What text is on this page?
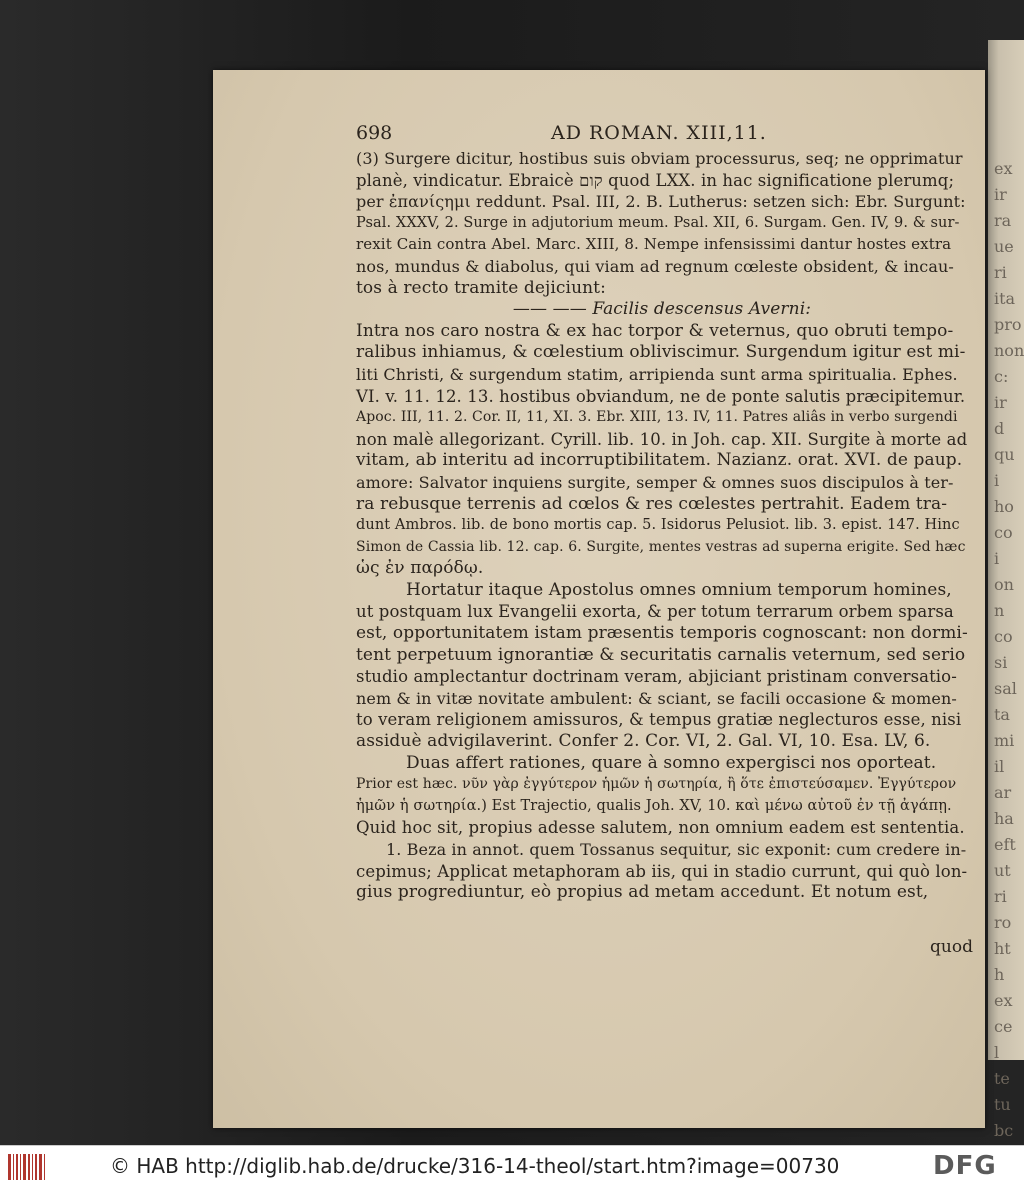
ex
ir
ra
ue
ri
ita
pro
non
c:
ir
d
qu
i
ho
co
i
on
n
co
si
sal
ta
mi
il
ar
ha
eft
ut
ri
ro
ht
h
ex
ce
l
te
tu
bc
698	AD ROMAN. XIII,11.
(3) Surgere dicitur, hostibus suis obviam processurus, seq; ne opprimatur
planè, vindicatur. Ebraicè קום quod LXX. in hac significatione plerumq;
per ἐπανίςημι reddunt. Psal. III, 2. B. Lutherus: setzen sich: Ebr. Surgunt:
Psal. XXXV, 2. Surge in adjutorium meum. Psal. XII, 6. Surgam. Gen. IV, 9. & sur-
rexit Cain contra Abel. Marc. XIII, 8. Nempe infensissimi dantur hostes extra
nos, mundus & diabolus, qui viam ad regnum cœleste obsident, & incau-
tos à recto tramite dejiciunt:
—— —— Facilis descensus Averni:
Intra nos caro nostra & ex hac torpor & veternus, quo obruti tempo-
ralibus inhiamus, & cœlestium obliviscimur. Surgendum igitur est mi-
liti Christi, & surgendum statim, arripienda sunt arma spiritualia. Ephes.
VI. v. 11. 12. 13. hostibus obviandum, ne de ponte salutis præcipitemur.
Apoc. III, 11. 2. Cor. II, 11, XI. 3. Ebr. XIII, 13. IV, 11. Patres aliâs in verbo surgendi
non malè allegorizant. Cyrill. lib. 10. in Joh. cap. XII. Surgite à morte ad
vitam, ab interitu ad incorruptibilitatem. Nazianz. orat. XVI. de paup.
amore: Salvator inquiens surgite, semper & omnes suos discipulos à ter-
ra rebusque terrenis ad cœlos & res cœlestes pertrahit. Eadem tra-
dunt Ambros. lib. de bono mortis cap. 5. Isidorus Pelusiot. lib. 3. epist. 147. Hinc
Simon de Cassia lib. 12. cap. 6. Surgite, mentes vestras ad superna erigite. Sed hæc
ὡς ἐν παρόδῳ.
Hortatur itaque Apostolus omnes omnium temporum homines,
ut postquam lux Evangelii exorta, & per totum terrarum orbem sparsa
est, opportunitatem istam præsentis temporis cognoscant: non dormi-
tent perpetuum ignorantiæ & securitatis carnalis veternum, sed serio
studio amplectantur doctrinam veram, abjiciant pristinam conversatio-
nem & in vitæ novitate ambulent: & sciant, se facili occasione & momen-
to veram religionem amissuros, & tempus gratiæ neglecturos esse, nisi
assiduè advigilaverint. Confer 2. Cor. VI, 2. Gal. VI, 10. Esa. LV, 6.
Duas affert rationes, quare à somno expergisci nos oporteat.
Prior est hæc. νῦν γὰρ ἐγγύτερον ἡμῶν ἡ σωτηρία, ἢ ὅτε ἐπιστεύσαμεν. Ἐγγύτερον
ἡμῶν ἡ σωτηρία.) Est Trajectio, qualis Joh. XV, 10. καὶ μένω αὐτοῦ ἐν τῇ ἀγάπῃ.
Quid hoc sit, propius adesse salutem, non omnium eadem est sententia.
1. Beza in annot. quem Tossanus sequitur, sic exponit: cum credere in-
cepimus; Applicat metaphoram ab iis, qui in stadio currunt, qui quò lon-
gius progrediuntur, eò propius ad metam accedunt. Et notum est,
quod
© HAB http://diglib.hab.de/drucke/316-14-theol/start.htm?image=00730	DFG
